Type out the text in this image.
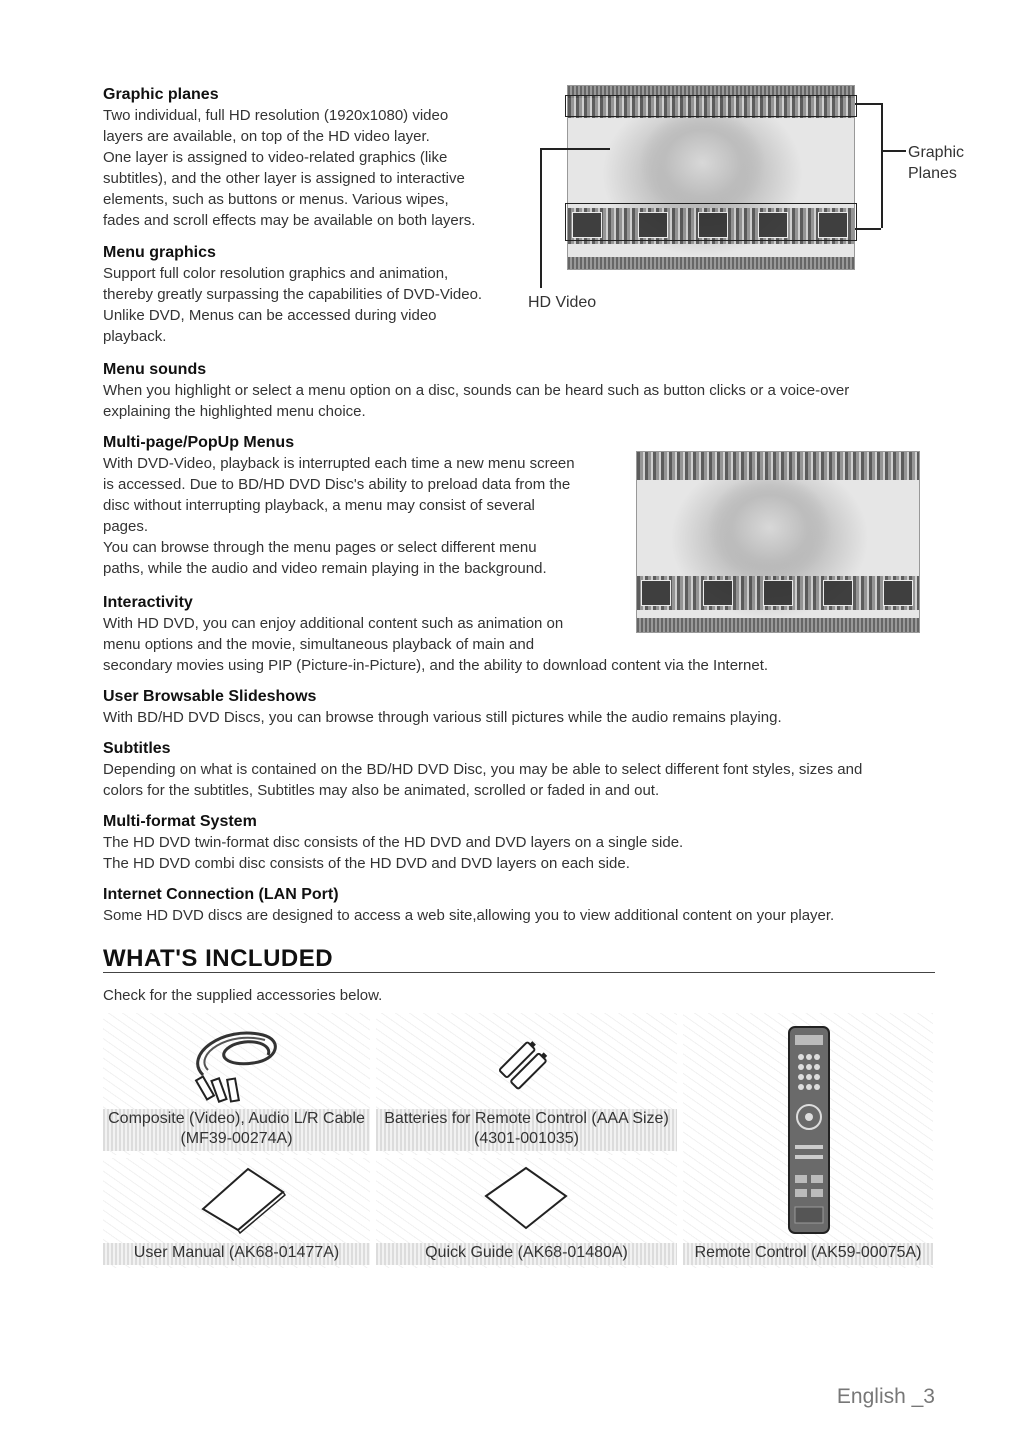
Graphic planes

Two individual, full HD resolution (1920x1080) video
layers are available, on top of the HD video layer.
One layer is assigned to video-related graphics (like
subtitles), and the other layer is assigned to interactive
elements, such as buttons or menus. Various wipes,
fades and scroll effects may be available on both layers.

Menu graphics

Support full color resolution graphics and animation,
thereby greatly surpassing the capabilities of DVD-Video.
Unlike DVD, Menus can be accessed during video
playback.

Graphic
Planes
HD Video

Menu sounds

When you highlight or select a menu option on a disc, sounds can be heard such as button clicks or a voice-over
explaining the highlighted menu choice.

Multi-page/PopUp Menus

With DVD-Video, playback is interrupted each time a new menu screen
is accessed. Due to BD/HD DVD Disc's ability to preload data from the
disc without interrupting playback, a menu may consist of several
pages.
You can browse through the menu pages or select different menu
paths, while the audio and video remain playing in the background.

Interactivity

With HD DVD, you can enjoy additional content such as animation on
menu options and the movie, simultaneous playback of main and
secondary movies using PIP (Picture-in-Picture), and the ability to download content via the Internet.

User Browsable Slideshows

With BD/HD DVD Discs, you can browse through various still pictures while the audio remains playing.

Subtitles

Depending on what is contained on the BD/HD DVD Disc, you may be able to select different font styles, sizes and
colors for the subtitles, Subtitles may also be animated, scrolled or faded in and out.

Multi-format System

The HD DVD twin-format disc consists of the HD DVD and DVD layers on a single side.
The HD DVD combi disc consists of the HD DVD and DVD layers on each side.

Internet Connection (LAN Port)

Some HD DVD discs are designed to access a web site,allowing you to view additional content on your player.

WHAT'S INCLUDED
Check for the supplied accessories below.
Composite (Video), Audio L/R Cable
(MF39-00274A)
Batteries for Remote Control (AAA Size)
(4301-001035)
Remote Control (AK59-00075A)
User Manual (AK68-01477A)	Quick Guide (AK68-01480A)
English _3
